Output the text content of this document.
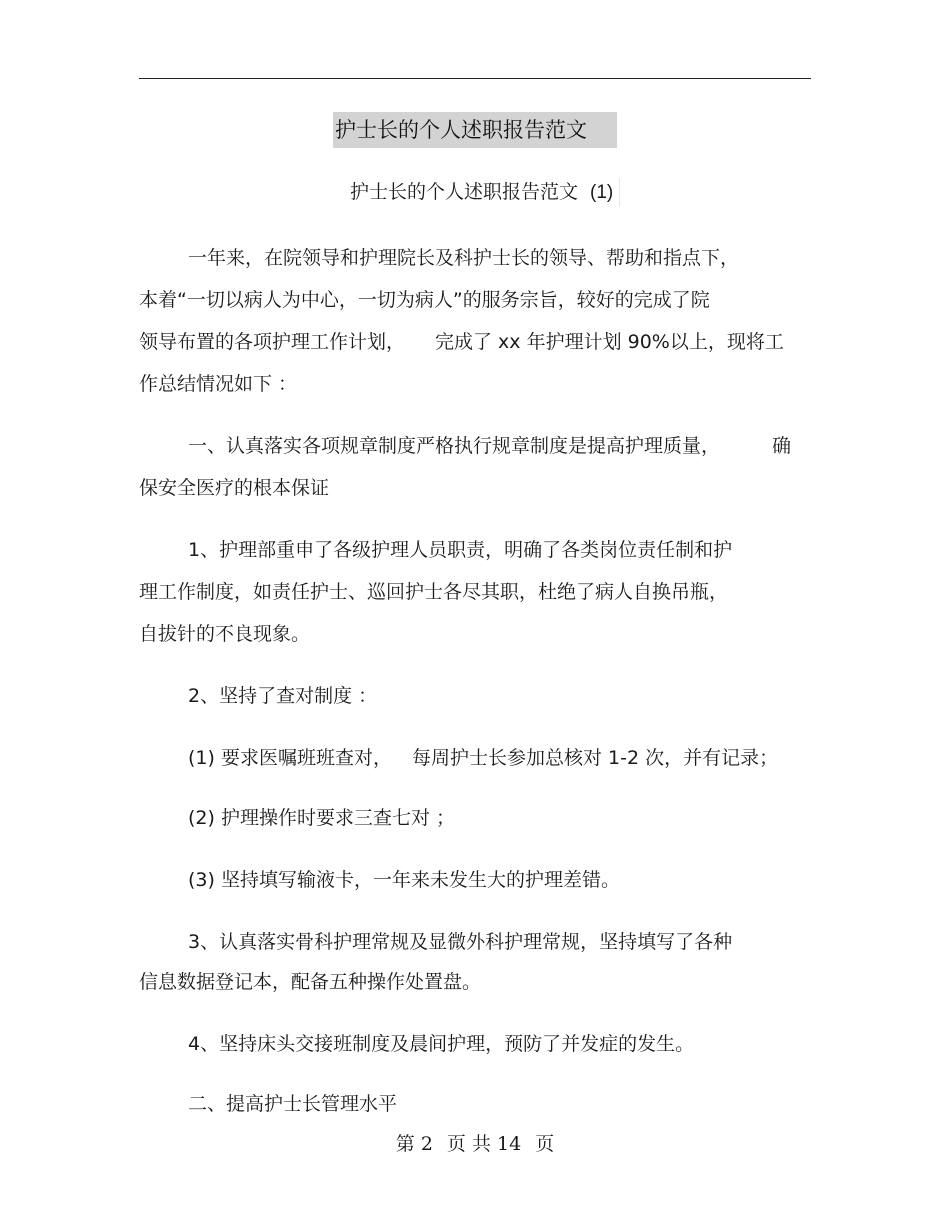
护士长的个人述职报告范文
护士长的个人述职报告范文 (1)
一年来，在院领导和护理院长及科护士长的领导、帮助和指点下，
本着“一切以病人为中心，一切为病人”的服务宗旨，较好的完成了院
领导布置的各项护理工作计划， 完成了 xx 年护理计划 90%以上，现将工
作总结情况如下 ：
一、认真落实各项规章制度严格执行规章制度是提高护理质量，	确
保安全医疗的根本保证
1、护理部重申了各级护理人员职责，明确了各类岗位责任制和护
理工作制度，如责任护士、巡回护士各尽其职，杜绝了病人自换吊瓶，
自拔针的不良现象。
2、坚持了查对制度 ：
(1) 要求医嘱班班查对， 每周护士长参加总核对 1-2 次，并有记录；
(2) 护理操作时要求三查七对 ；
(3) 坚持填写输液卡，一年来未发生大的护理差错。
3、认真落实骨科护理常规及显微外科护理常规，坚持填写了各种
信息数据登记本，配备五种操作处置盘。
4、坚持床头交接班制度及晨间护理，预防了并发症的发生。
二、提高护士长管理水平
第 2 页 共 14 页
